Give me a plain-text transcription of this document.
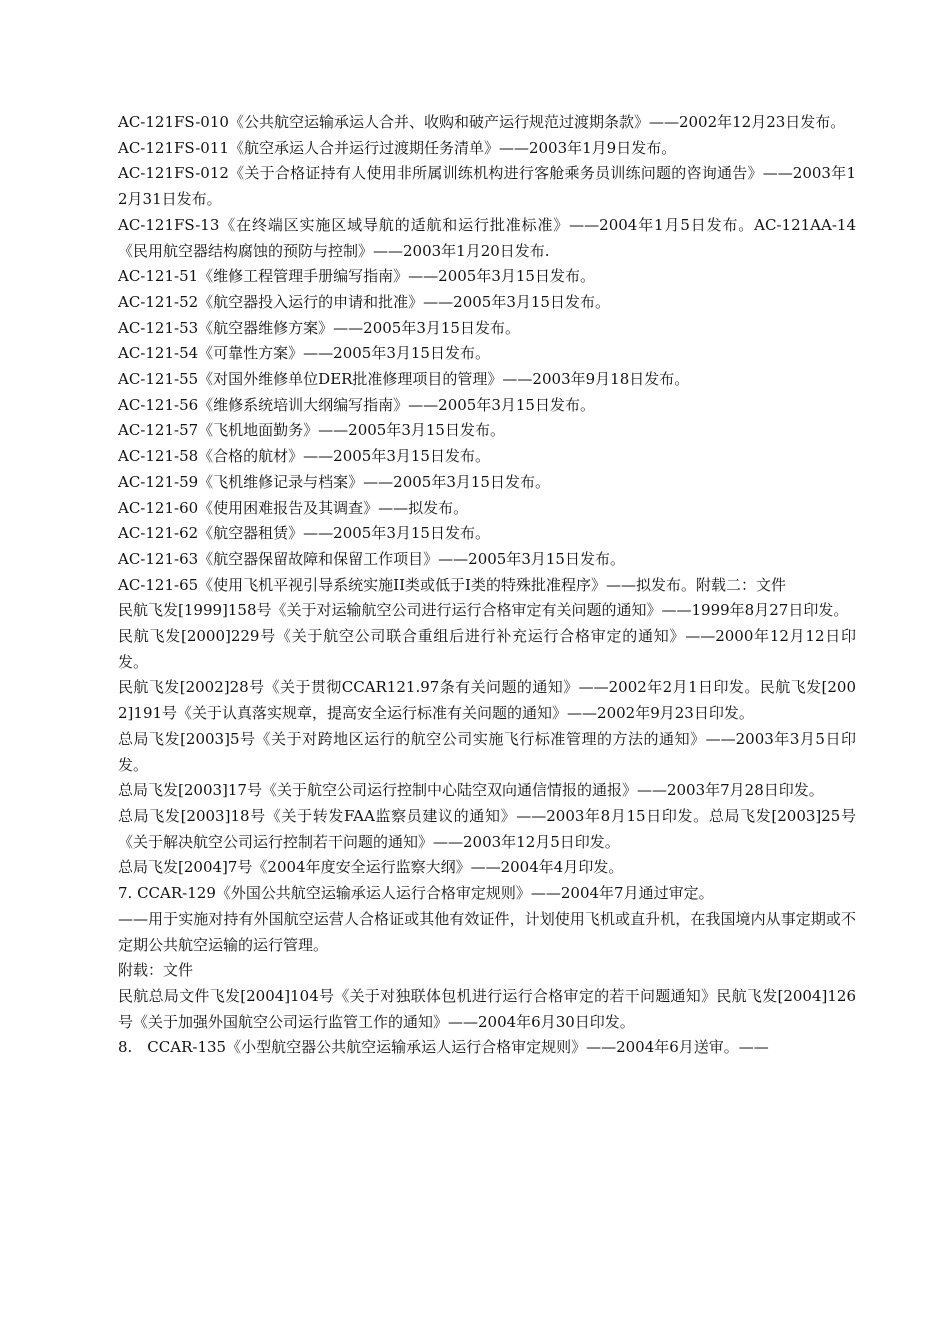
AC-121FS-010《公共航空运输承运人合并、收购和破产运行规范过渡期条款》——2002年12月23日发布。

AC-121FS-011《航空承运人合并运行过渡期任务清单》——2003年1月9日发布。

AC-121FS-012《关于合格证持有人使用非所属训练机构进行客舱乘务员训练问题的咨询通告》——2003年12月31日发布。

AC-121FS-13《在终端区实施区域导航的适航和运行批准标准》——2004年1月5日发布。AC-121AA-14《民用航空器结构腐蚀的预防与控制》——2003年1月20日发布.

AC-121-51《维修工程管理手册编写指南》——2005年3月15日发布。

AC-121-52《航空器投入运行的申请和批准》——2005年3月15日发布。

AC-121-53《航空器维修方案》——2005年3月15日发布。

AC-121-54《可靠性方案》——2005年3月15日发布。

AC-121-55《对国外维修单位DER批准修理项目的管理》——2003年9月18日发布。

AC-121-56《维修系统培训大纲编写指南》——2005年3月15日发布。

AC-121-57《飞机地面勤务》——2005年3月15日发布。

AC-121-58《合格的航材》——2005年3月15日发布。

AC-121-59《飞机维修记录与档案》——2005年3月15日发布。

AC-121-60《使用困难报告及其调查》——拟发布。

AC-121-62《航空器租赁》——2005年3月15日发布。

AC-121-63《航空器保留故障和保留工作项目》——2005年3月15日发布。

AC-121-65《使用飞机平视引导系统实施II类或低于I类的特殊批准程序》——拟发布。附载二：文件

民航飞发[1999]158号《关于对运输航空公司进行运行合格审定有关问题的通知》——1999年8月27日印发。

民航飞发[2000]229号《关于航空公司联合重组后进行补充运行合格审定的通知》——2000年12月12日印发。

民航飞发[2002]28号《关于贯彻CCAR121.97条有关问题的通知》——2002年2月1日印发。民航飞发[2002]191号《关于认真落实规章，提高安全运行标准有关问题的通知》——2002年9月23日印发。

总局飞发[2003]5号《关于对跨地区运行的航空公司实施飞行标准管理的方法的通知》——2003年3月5日印发。

总局飞发[2003]17号《关于航空公司运行控制中心陆空双向通信情报的通报》——2003年7月28日印发。

总局飞发[2003]18号《关于转发FAA监察员建议的通知》——2003年8月15日印发。总局飞发[2003]25号《关于解决航空公司运行控制若干问题的通知》——2003年12月5日印发。

总局飞发[2004]7号《2004年度安全运行监察大纲》——2004年4月印发。

7. CCAR-129《外国公共航空运输承运人运行合格审定规则》——2004年7月通过审定。

——用于实施对持有外国航空运营人合格证或其他有效证件，计划使用飞机或直升机，在我国境内从事定期或不定期公共航空运输的运行管理。

附载：文件

民航总局文件飞发[2004]104号《关于对独联体包机进行运行合格审定的若干问题通知》民航飞发[2004]126号《关于加强外国航空公司运行监管工作的通知》——2004年6月30日印发。

8.　CCAR-135《小型航空器公共航空运输承运人运行合格审定规则》——2004年6月送审。——
